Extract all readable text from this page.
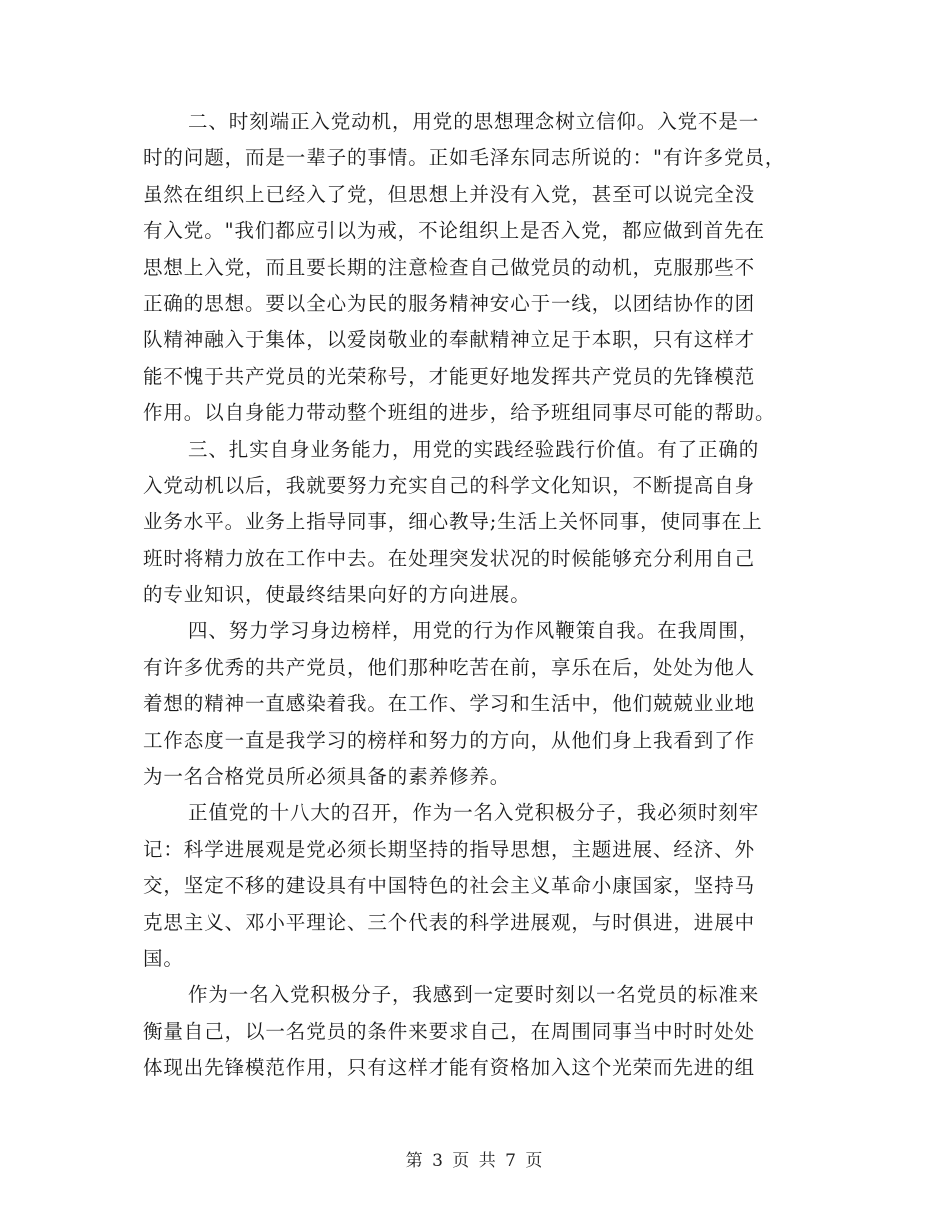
二、时刻端正入党动机，用党的思想理念树立信仰。入党不是一
时的问题，而是一辈子的事情。正如毛泽东同志所说的："有许多党员，
虽然在组织上已经入了党，但思想上并没有入党，甚至可以说完全没
有入党。"我们都应引以为戒，不论组织上是否入党，都应做到首先在
思想上入党，而且要长期的注意检查自己做党员的动机，克服那些不
正确的思想。要以全心为民的服务精神安心于一线，以团结协作的团
队精神融入于集体，以爱岗敬业的奉献精神立足于本职，只有这样才
能不愧于共产党员的光荣称号，才能更好地发挥共产党员的先锋模范
作用。以自身能力带动整个班组的进步，给予班组同事尽可能的帮助。
三、扎实自身业务能力，用党的实践经验践行价值。有了正确的
入党动机以后，我就要努力充实自己的科学文化知识，不断提高自身
业务水平。业务上指导同事，细心教导;生活上关怀同事，使同事在上
班时将精力放在工作中去。在处理突发状况的时候能够充分利用自己
的专业知识，使最终结果向好的方向进展。
四、努力学习身边榜样，用党的行为作风鞭策自我。在我周围，
有许多优秀的共产党员，他们那种吃苦在前，享乐在后，处处为他人
着想的精神一直感染着我。在工作、学习和生活中，他们兢兢业业地
工作态度一直是我学习的榜样和努力的方向，从他们身上我看到了作
为一名合格党员所必须具备的素养修养。
正值党的十八大的召开，作为一名入党积极分子，我必须时刻牢
记：科学进展观是党必须长期坚持的指导思想，主题进展、经济、外
交，坚定不移的建设具有中国特色的社会主义革命小康国家，坚持马
克思主义、邓小平理论、三个代表的科学进展观，与时俱进，进展中
国。
作为一名入党积极分子，我感到一定要时刻以一名党员的标准来
衡量自己，以一名党员的条件来要求自己，在周围同事当中时时处处
体现出先锋模范作用，只有这样才能有资格加入这个光荣而先进的组
第 3 页 共 7 页
